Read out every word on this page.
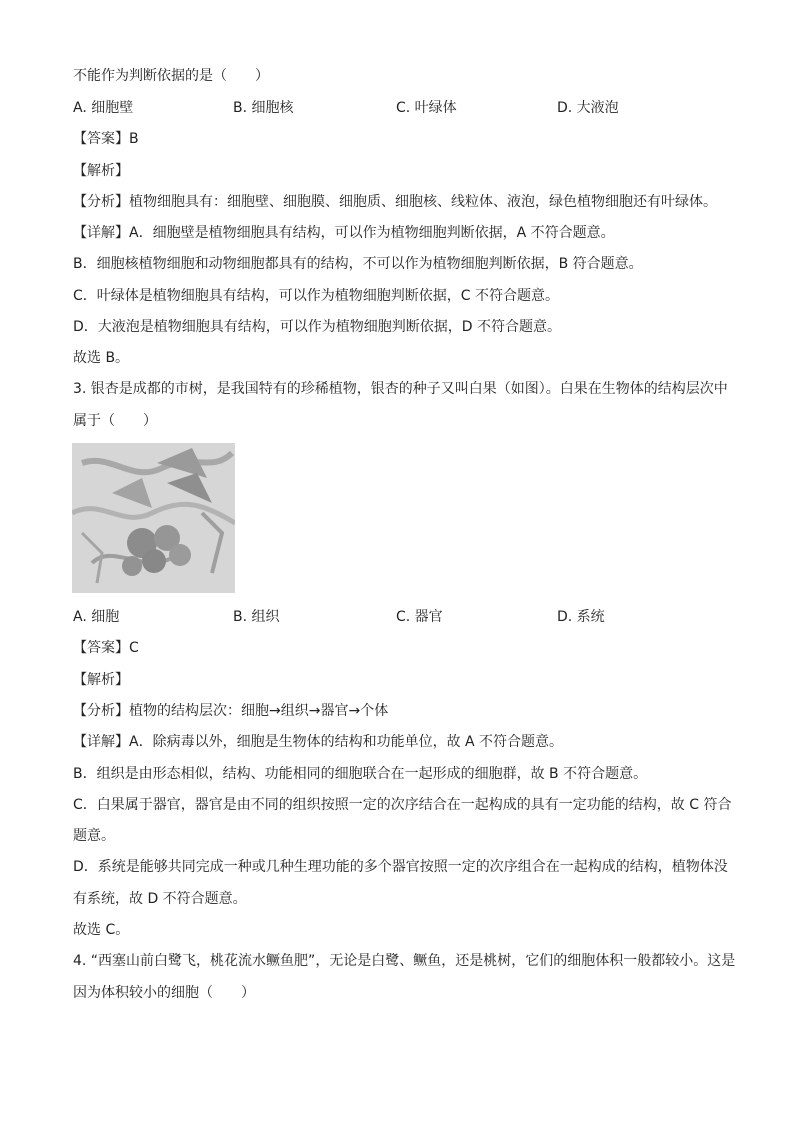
不能作为判断依据的是（　　）
A. 细胞壁	B. 细胞核	C. 叶绿体	D. 大液泡
【答案】B
【解析】
【分析】植物细胞具有：细胞壁、细胞膜、细胞质、细胞核、线粒体、液泡，绿色植物细胞还有叶绿体。
【详解】A．细胞壁是植物细胞具有结构，可以作为植物细胞判断依据，A 不符合题意。
B．细胞核植物细胞和动物细胞都具有的结构，不可以作为植物细胞判断依据，B 符合题意。
C．叶绿体是植物细胞具有结构，可以作为植物细胞判断依据，C 不符合题意。
D．大液泡是植物细胞具有结构，可以作为植物细胞判断依据，D 不符合题意。
故选 B。
3. 银杏是成都的市树，是我国特有的珍稀植物，银杏的种子又叫白果（如图）。白果在生物体的结构层次中
属于（　　）
A. 细胞	B. 组织	C. 器官	D. 系统
【答案】C
【解析】
【分析】植物的结构层次：细胞→组织→器官→个体
【详解】A．除病毒以外，细胞是生物体的结构和功能单位，故 A 不符合题意。
B．组织是由形态相似，结构、功能相同的细胞联合在一起形成的细胞群，故 B 不符合题意。
C．白果属于器官，器官是由不同的组织按照一定的次序结合在一起构成的具有一定功能的结构，故 C 符合
题意。
D．系统是能够共同完成一种或几种生理功能的多个器官按照一定的次序组合在一起构成的结构，植物体没
有系统，故 D 不符合题意。
故选 C。
4. “西塞山前白鹭飞，桃花流水鳜鱼肥”，无论是白鹭、鳜鱼，还是桃树，它们的细胞体积一般都较小。这是
因为体积较小的细胞（　　）
